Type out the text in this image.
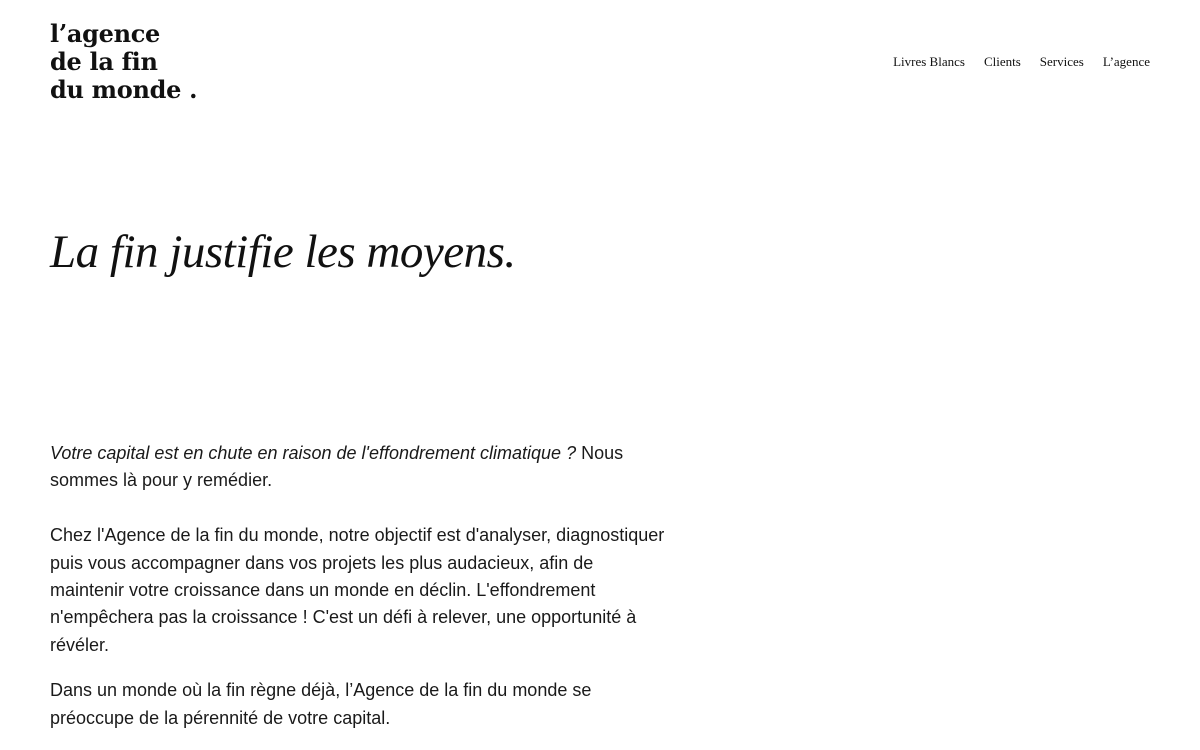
l’agence
de la fin
du monde .
Livres Blancs Clients Services L’agence
La fin justifie les moyens.

Votre capital est en chute en raison de l'effondrement climatique ? Nous sommes là pour y remédier.

Chez l'Agence de la fin du monde, notre objectif est d'analyser, diagnostiquer puis vous accompagner dans vos projets les plus audacieux, afin de maintenir votre croissance dans un monde en déclin. L'effondrement n'empêchera pas la croissance ! C'est un défi à relever, une opportunité à révéler.

Dans un monde où la fin règne déjà, l’Agence de la fin du monde se préoccupe de la pérennité de votre capital.
